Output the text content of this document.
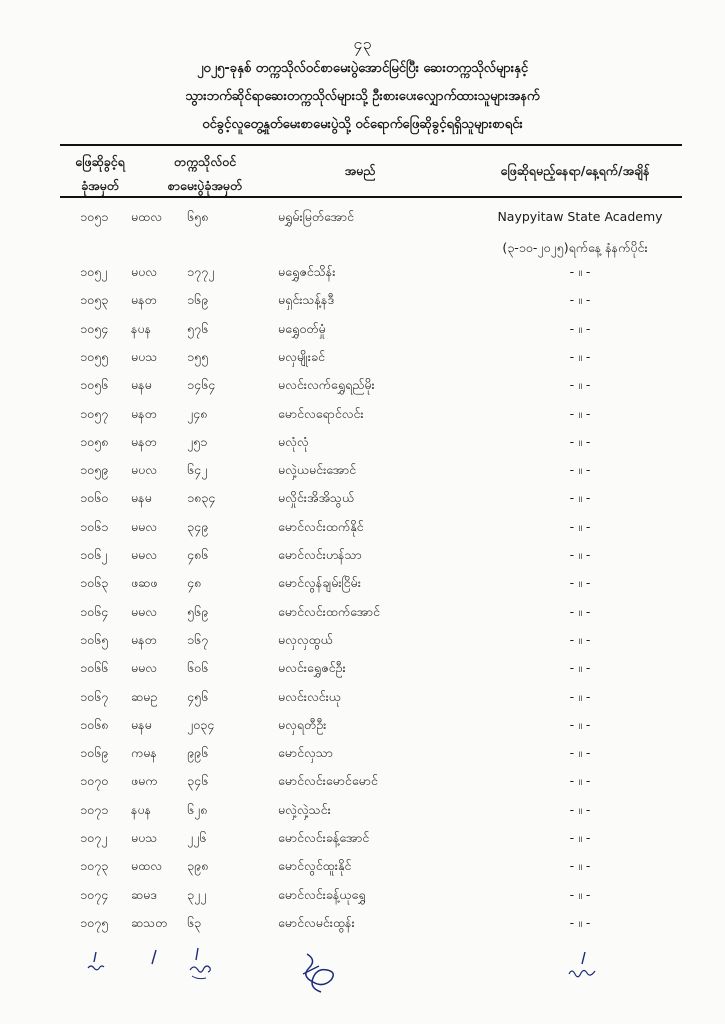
၄၃
၂၀၂၅-ခုနှစ် တက္ကသိုလ်ဝင်စာမေးပွဲအောင်မြင်ပြီး ဆေးတက္ကသိုလ်များနှင့်
သွားဘက်ဆိုင်ရာဆေးတက္ကသိုလ်များသို့ ဦးစားပေးလျှောက်ထားသူများအနက်
ဝင်ခွင့်လူတွေ့နှုတ်မေးစာမေးပွဲသို့ ဝင်ရောက်ဖြေဆိုခွင့်ရရှိသူများစာရင်း
ဖြေဆိုခွင့်ရ
ခုံအမှတ်
တက္ကသိုလ်ဝင်
စာမေးပွဲခုံအမှတ်
အမည်	ဖြေဆိုရမည့်နေရာ/နေ့ရက်/အချိန်
၁၀၅၁ မထလ ၆၅၈	မရွှမ်းမြတ်အောင်	Naypyitaw State Academy
၁၀၅၂ မပလ ၁၇၇၂	မရွှေဇင်သိန်း	- ။ -
၁၀၅၃ မနတ ၁၆၉	မရှင်းသန့်နဒီ	- ။ -
၁၀၅၄ နပန	၅၇၆	မရွှေဝတ်မှုံ	- ။ -
၁၀၅၅ မပသ ၁၅၅	မလှမျိုးခင်	- ။ -
၁၀၅၆ မနမ	၁၄၆၄	မလင်းလက်ရွှေရည်မိုး	- ။ -
၁၀၅၇ မနတ ၂၄၈	မောင်လရောင်လင်း	- ။ -
၁၀၅၈ မနတ ၂၅၁	မလုံလုံ	- ။ -
၁၀၅၉ မပလ ၆၄၂	မလှဲ့ယမင်းအောင်	- ။ -
၁၀၆၀ မနမ	၁၈၃၄	မလှိုင်းအိအိသွယ်	- ။ -
၁၀၆၁ မမလ ၃၄၉	မောင်လင်းထက်နိုင်	- ။ -
၁၀၆၂ မမလ ၄၈၆	မောင်လင်းဟန်သာ	- ။ -
၁၀၆၃ ဖဆဖ ၄၈	မောင်လွန်ချမ်းငြိမ်း	- ။ -
၁၀၆၄ မမလ ၅၆၉	မောင်လင်းထက်အောင်	- ။ -
၁၀၆၅ မနတ ၁၆၇	မလှလှထွယ်	- ။ -
၁၀၆၆ မမလ ၆၀၆	မလင်းရွှေဇင်ဦး	- ။ -
၁၀၆၇ ဆမဥ ၄၅၆	မလင်းလင်းယု	- ။ -
၁၀၆၈ မနမ	၂၀၃၄	မလှရတီဦး	- ။ -
၁၀၆၉ ကမန ၉၉၆	မောင်လှသာ	- ။ -
၁၀၇၀ ဖမက ၃၄၆	မောင်လင်းမောင်မောင်	- ။ -
၁၀၇၁ နပန	၆၂၈	မလှဲ့လှဲ့သင်း	- ။ -
၁၀၇၂ မပသ ၂၂၆	မောင်လင်းခန့်အောင်	- ။ -
၁၀၇၃ မထလ ၃၉၈	မောင်လွင်ထူးနိုင်	- ။ -
၁၀၇၄ ဆမဒ ၃၂၂	မောင်လင်းခန့်ယုရွှေ	- ။ -
၁၀၇၅ ဆသတ ၆၃	မောင်လမင်းထွန်း	- ။ -
(၃-၁၀-၂၀၂၅)ရက်နေ့ နံနက်ပိုင်း
